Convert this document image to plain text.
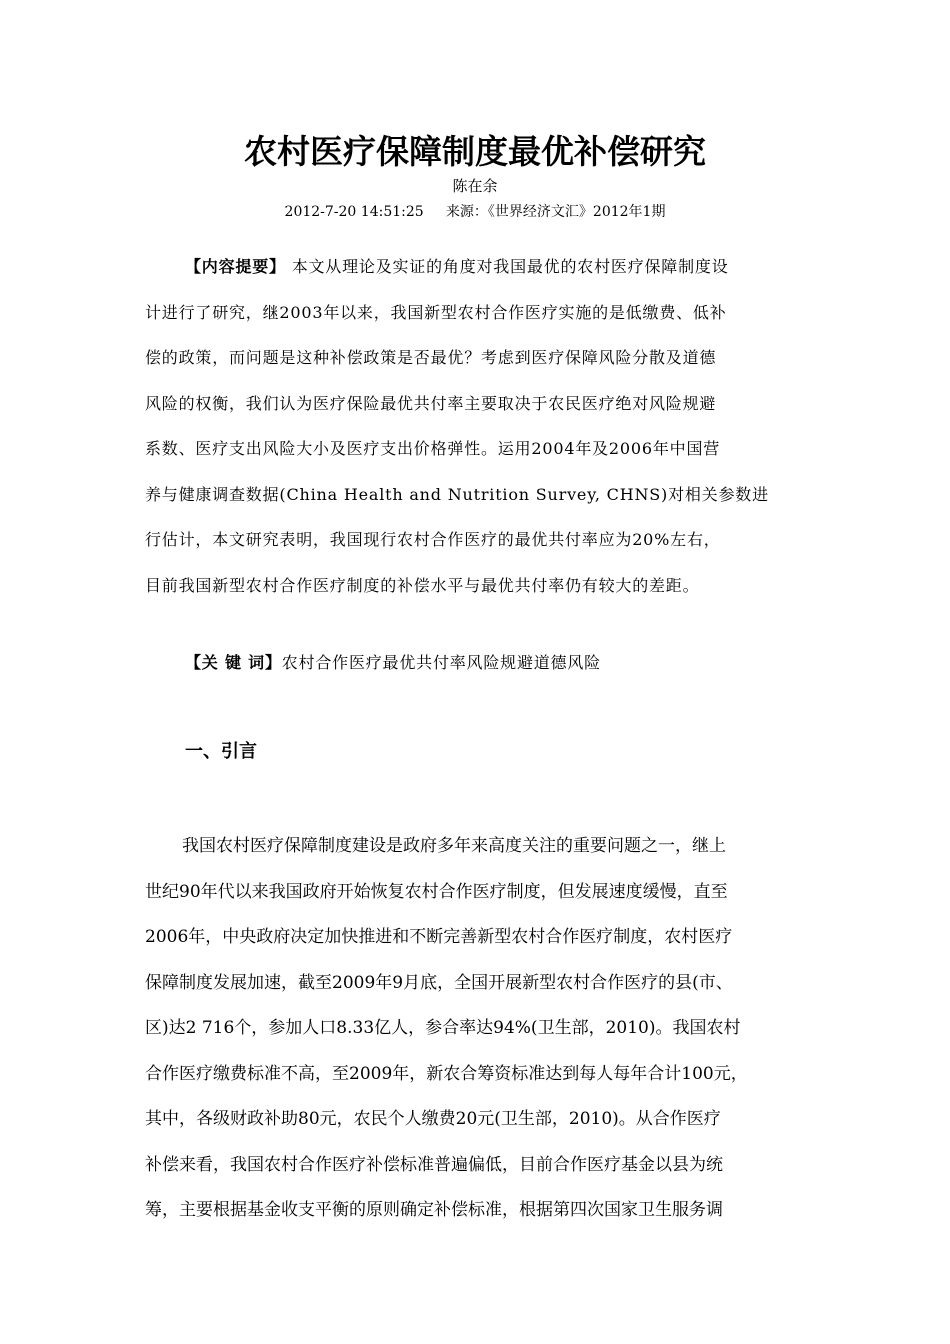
农村医疗保障制度最优补偿研究
陈在余
2012-7-20 14:51:25     来源：《世界经济文汇》2012年1期
【内容提要】 本文从理论及实证的角度对我国最优的农村医疗保障制度设
计进行了研究，继2003年以来，我国新型农村合作医疗实施的是低缴费、低补
偿的政策，而问题是这种补偿政策是否最优？考虑到医疗保障风险分散及道德
风险的权衡，我们认为医疗保险最优共付率主要取决于农民医疗绝对风险规避
系数、医疗支出风险大小及医疗支出价格弹性。运用2004年及2006年中国营
养与健康调查数据(China Health and Nutrition Survey, CHNS)对相关参数进
行估计，本文研究表明，我国现行农村合作医疗的最优共付率应为20%左右，
目前我国新型农村合作医疗制度的补偿水平与最优共付率仍有较大的差距。
【关 键 词】农村合作医疗最优共付率风险规避道德风险
一、引言
我国农村医疗保障制度建设是政府多年来高度关注的重要问题之一，继上
世纪90年代以来我国政府开始恢复农村合作医疗制度，但发展速度缓慢，直至
2006年，中央政府决定加快推进和不断完善新型农村合作医疗制度，农村医疗
保障制度发展加速，截至2009年9月底，全国开展新型农村合作医疗的县(市、
区)达2 716个，参加人口8.33亿人，参合率达94%(卫生部，2010)。我国农村
合作医疗缴费标准不高，至2009年，新农合筹资标准达到每人每年合计100元，
其中，各级财政补助80元，农民个人缴费20元(卫生部，2010)。从合作医疗
补偿来看，我国农村合作医疗补偿标准普遍偏低，目前合作医疗基金以县为统
筹，主要根据基金收支平衡的原则确定补偿标准，根据第四次国家卫生服务调
